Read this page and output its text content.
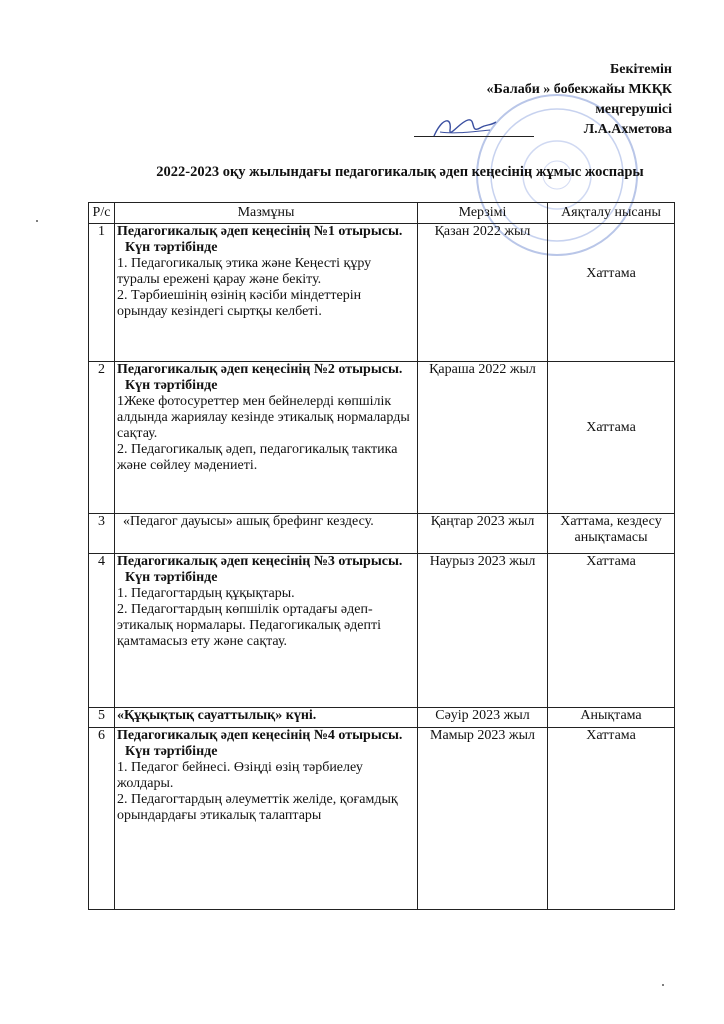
Бекітемін
«Балаби » бобекжайы МКҚК
меңгерушісі
Л.А.Ахметова
2022-2023 оқу жылындағы педагогикалық әдеп кеңесінің жұмыс жоспары
Р/с	Мазмұны	Мерзімі	Аяқталу нысаны
1	Педагогикалық әдеп кеңесінің №1 отырысы.
Күн тәртібінде
1. Педагогикалық этика және Кеңесті құру туралы ережені қарау және бекіту.
2. Тәрбиешінің өзінің кәсіби міндеттерін орындау кезіндегі сыртқы келбеті.	Қазан 2022 жыл	Хаттама
2	Педагогикалық әдеп кеңесінің №2 отырысы.
Күн тәртібінде
1Жеке фотосуреттер мен бейнелерді көпшілік алдында жариялау кезінде этикалық нормаларды сақтау.
2. Педагогикалық әдеп, педагогикалық тактика және сөйлеу мәдениеті.	Қараша 2022 жыл	Хаттама
3	«Педагог дауысы» ашық брефинг кездесу.	Қаңтар 2023 жыл	Хаттама, кездесу анықтамасы
4	Педагогикалық әдеп кеңесінің №3 отырысы.
Күн тәртібінде
1. Педагогтардың құқықтары.
2. Педагогтардың көпшілік ортадағы әдеп-этикалық нормалары. Педагогикалық әдепті қамтамасыз ету және сақтау.	Наурыз 2023 жыл	Хаттама
5	«Құқықтық сауаттылық» күні.	Сәуір 2023 жыл	Анықтама
6	Педагогикалық әдеп кеңесінің №4 отырысы.
Күн тәртібінде
1. Педагог бейнесі. Өзіңді өзің тәрбиелеу жолдары.
2. Педагогтардың әлеуметтік желіде, қоғамдық орындардағы этикалық талаптары	Мамыр 2023 жыл	Хаттама
